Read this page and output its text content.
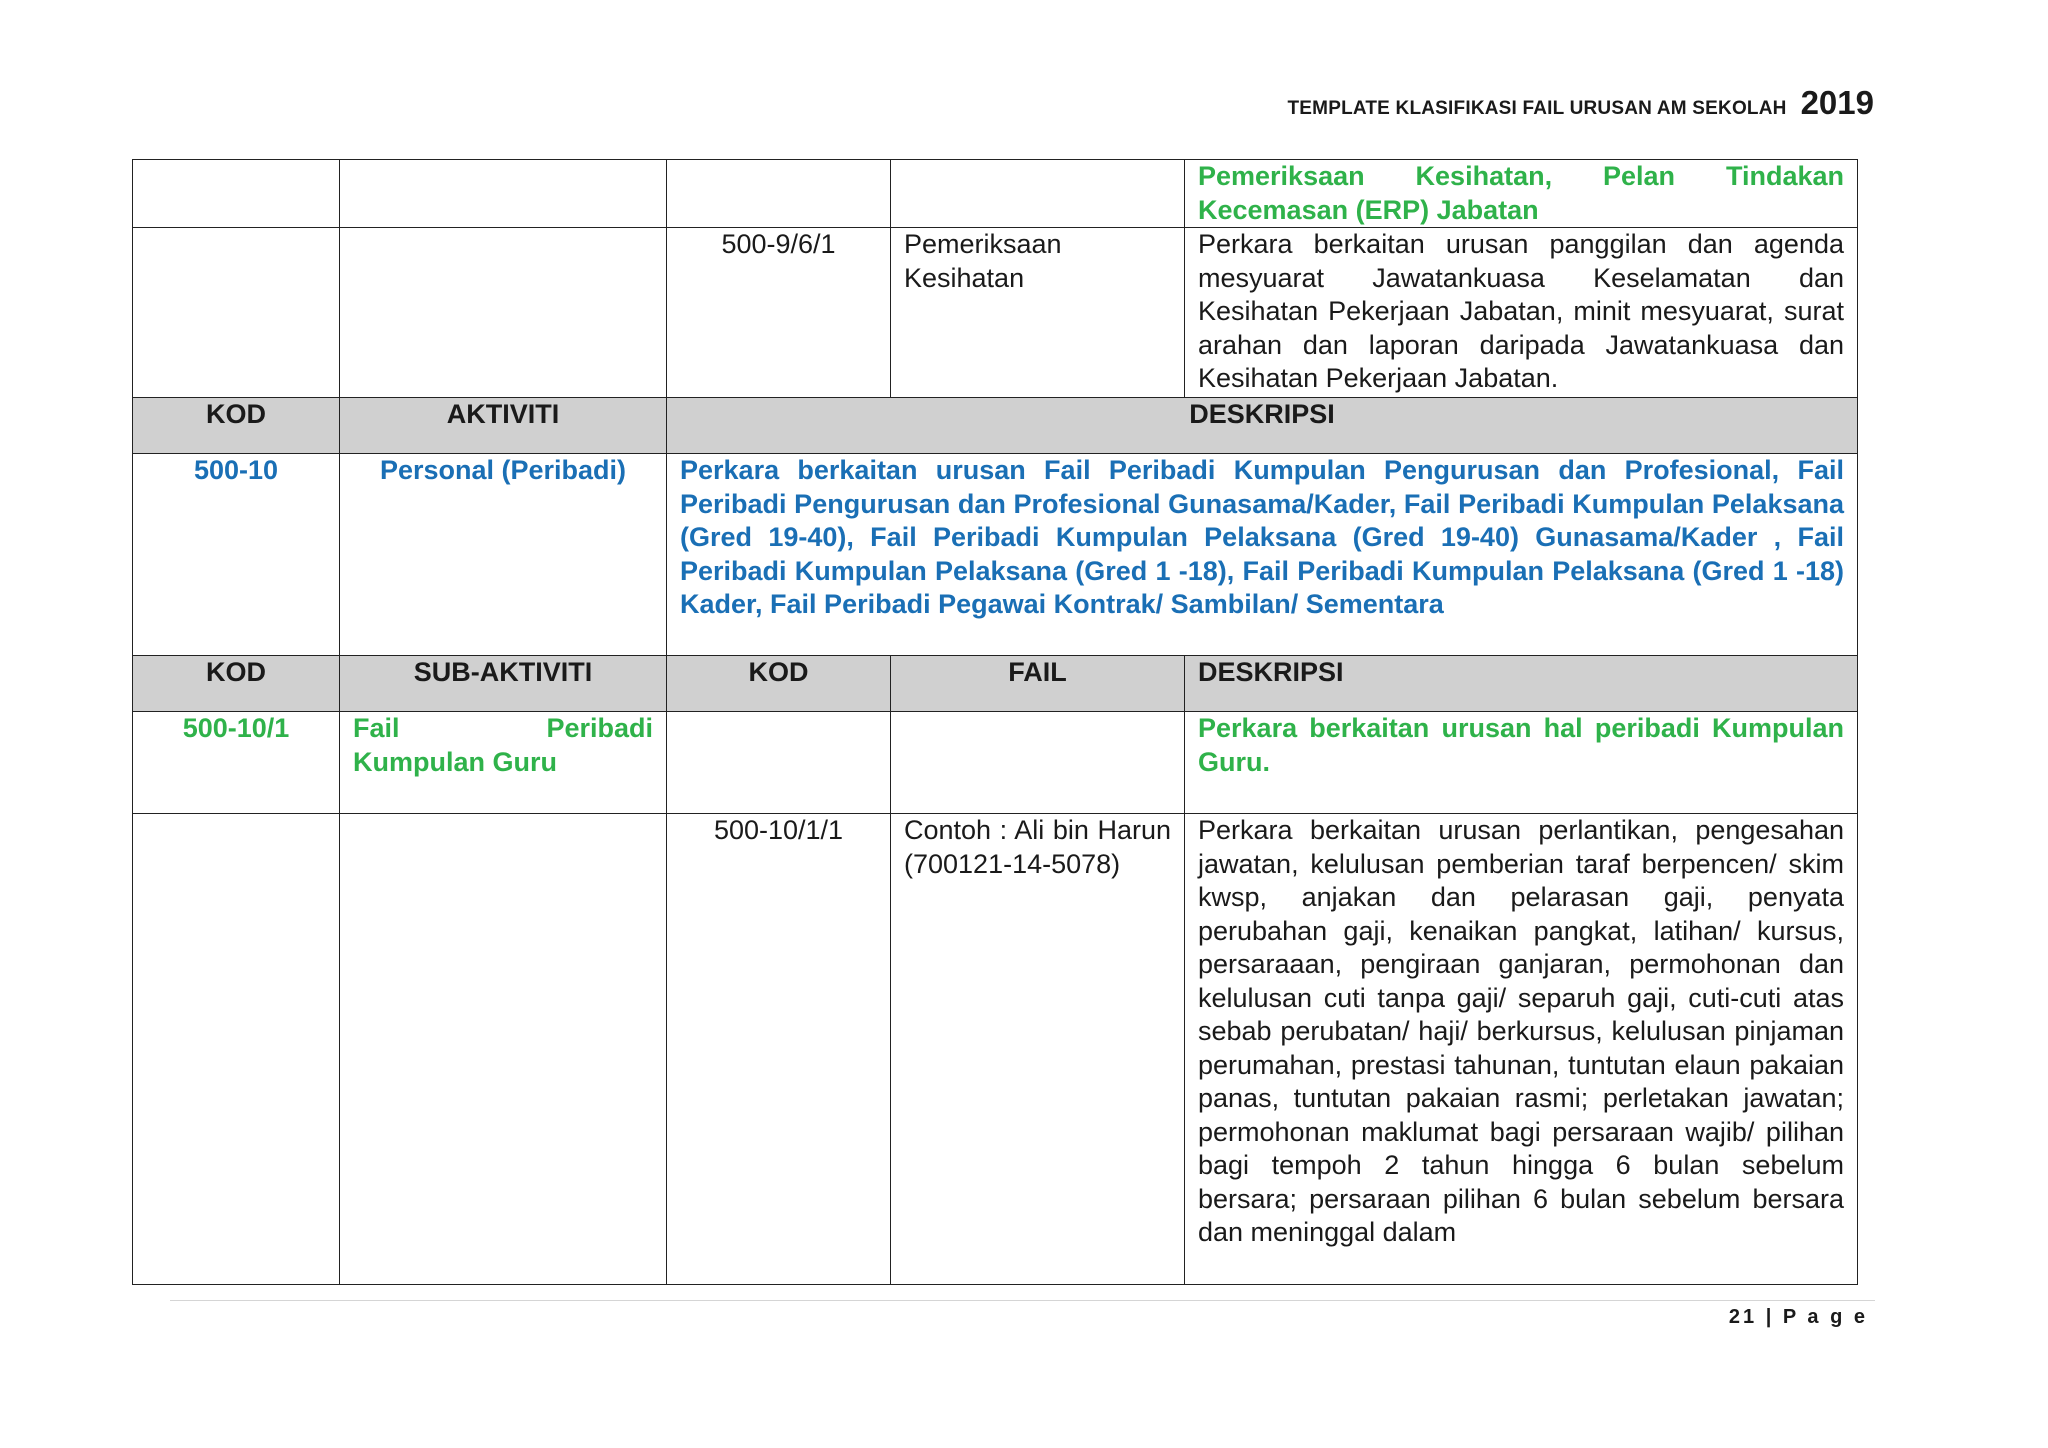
TEMPLATE KLASIFIKASI FAIL URUSAN AM SEKOLAH 2019
				Pemeriksaan Kesihatan, Pelan Tindakan Kecemasan (ERP) Jabatan
		500-9/6/1	Pemeriksaan Kesihatan	Perkara berkaitan urusan panggilan dan agenda mesyuarat Jawatankuasa Keselamatan dan Kesihatan Pekerjaan Jabatan, minit mesyuarat, surat arahan dan laporan daripada Jawatankuasa dan Kesihatan Pekerjaan Jabatan.
KOD	AKTIVITI	DESKRIPSI		
500-10	Personal (Peribadi)	Perkara berkaitan urusan Fail Peribadi Kumpulan Pengurusan dan Profesional, Fail Peribadi Pengurusan dan Profesional Gunasama/Kader, Fail Peribadi Kumpulan Pelaksana (Gred 19-40), Fail Peribadi Kumpulan Pelaksana (Gred 19-40) Gunasama/Kader , Fail Peribadi Kumpulan Pelaksana (Gred 1 -18), Fail Peribadi Kumpulan Pelaksana (Gred 1 -18) Kader, Fail Peribadi Pegawai Kontrak/ Sambilan/ Sementara		
KOD	SUB-AKTIVITI	KOD	FAIL	DESKRIPSI
500-10/1	Fail Peribadi Kumpulan Guru			Perkara berkaitan urusan hal peribadi Kumpulan Guru.
		500-10/1/1	Contoh : Ali bin Harun (700121-14-5078)	Perkara berkaitan urusan perlantikan, pengesahan jawatan, kelulusan pemberian taraf berpencen/ skim kwsp, anjakan dan pelarasan gaji, penyata perubahan gaji, kenaikan pangkat, latihan/ kursus, persaraaan, pengiraan ganjaran, permohonan dan kelulusan cuti tanpa gaji/ separuh gaji, cuti-cuti atas sebab perubatan/ haji/ berkursus, kelulusan pinjaman perumahan, prestasi tahunan, tuntutan elaun pakaian panas, tuntutan pakaian rasmi; perletakan jawatan; permohonan maklumat bagi persaraan wajib/ pilihan bagi tempoh 2 tahun hingga 6 bulan sebelum bersara; persaraan pilihan 6 bulan sebelum bersara dan meninggal dalam
21 | P a g e
